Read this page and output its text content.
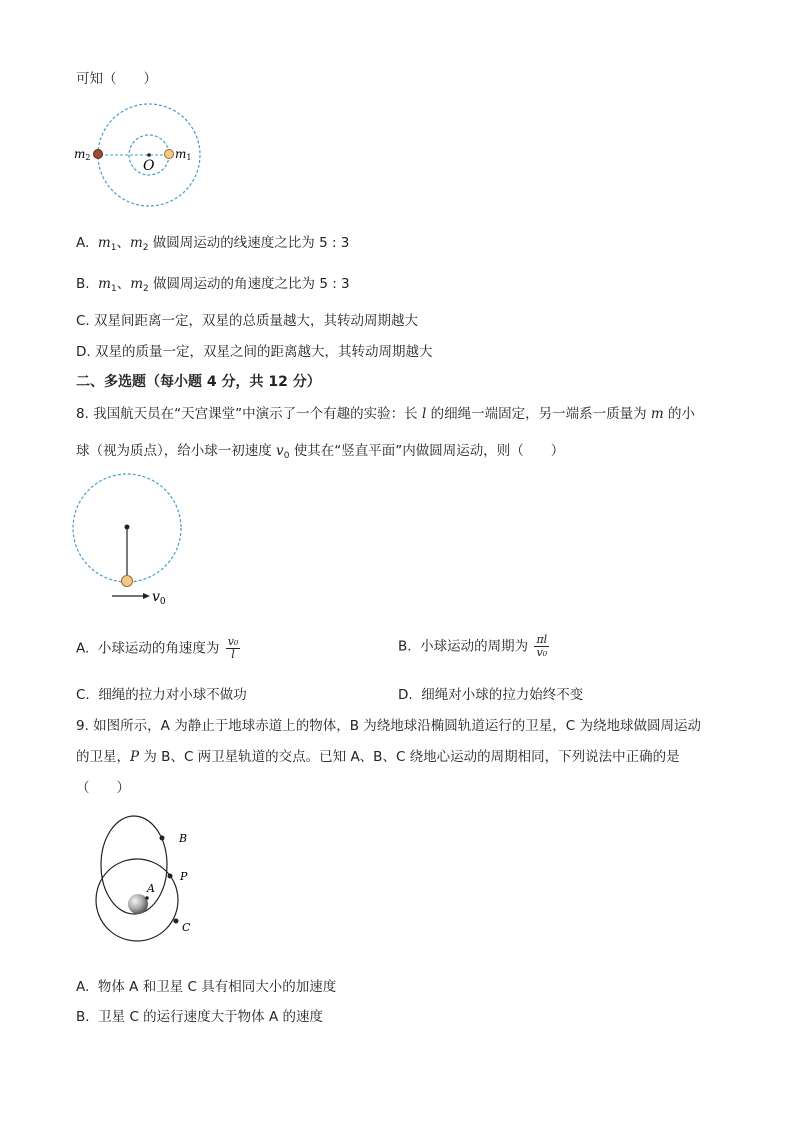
可知（　　）
m2
O
m1
A. $m_1$、$m_2$ 做圆周运动的线速度之比为 5 : 3
B. $m_1$、$m_2$ 做圆周运动的角速度之比为 5 : 3
C. 双星间距离一定，双星的总质量越大，其转动周期越大
D. 双星的质量一定，双星之间的距离越大，其转动周期越大
二、多选题（每小题 4 分，共 12 分）
8. 我国航天员在“天宫课堂”中演示了一个有趣的实验：长 l 的细绳一端固定，另一端系一质量为 m 的小
球（视为质点），给小球一初速度 $v_0$ 使其在“竖直平面”内做圆周运动，则（　　）
$v_0$
A. 小球运动的角速度为 $\frac{\text{v₀}}{l}$	B. 小球运动的周期为 $\frac{\pi l}{\text{v₀}}$
C. 细绳的拉力对小球不做功	D. 细绳对小球的拉力始终不变
9. 如图所示，A 为静止于地球赤道上的物体，B 为绕地球沿椭圆轨道运行的卫星，C 为绕地球做圆周运动
的卫星，P 为 B、C 两卫星轨道的交点。已知 A、B、C 绕地心运动的周期相同，下列说法中正确的是
（　　）
B
P
A
C
A. 物体 A 和卫星 C 具有相同大小的加速度
B. 卫星 C 的运行速度大于物体 A 的速度
